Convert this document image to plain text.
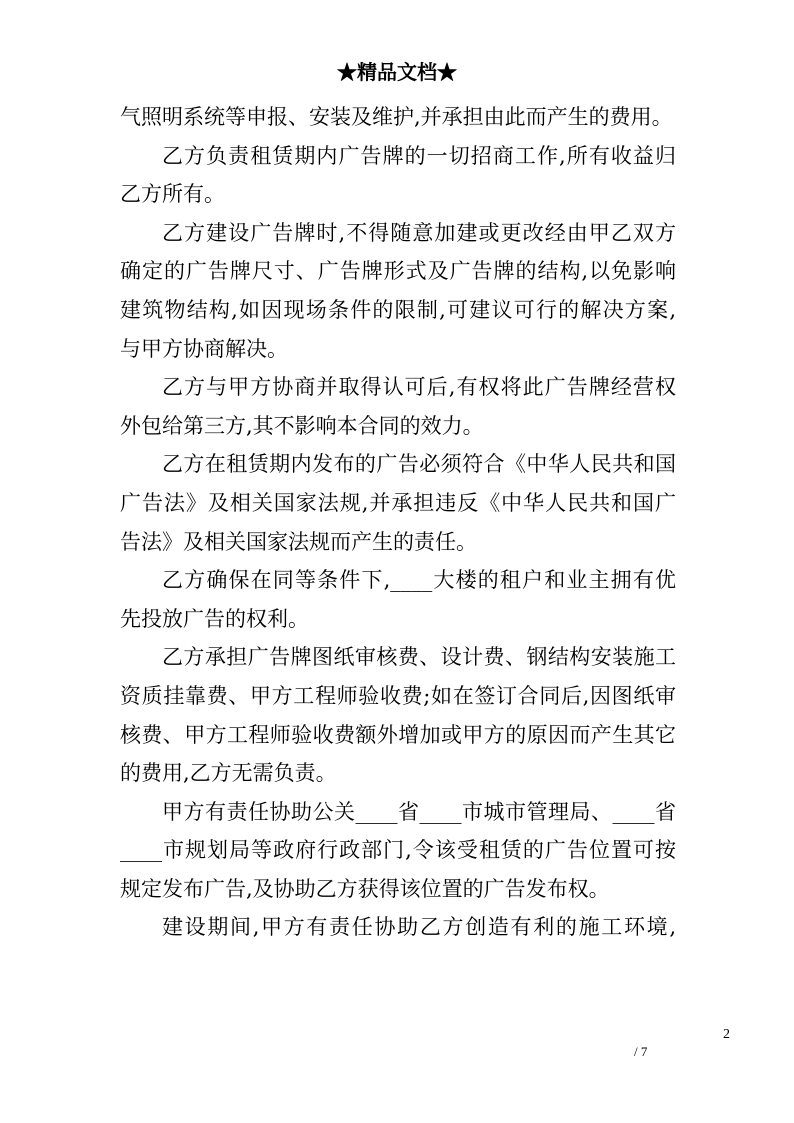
★精品文档★
气照明系统等申报、安装及维护,并承担由此而产生的费用。
乙方负责租赁期内广告牌的一切招商工作,所有收益归
乙方所有。
乙方建设广告牌时,不得随意加建或更改经由甲乙双方
确定的广告牌尺寸、广告牌形式及广告牌的结构,以免影响
建筑物结构,如因现场条件的限制,可建议可行的解决方案,
与甲方协商解决。
乙方与甲方协商并取得认可后,有权将此广告牌经营权
外包给第三方,其不影响本合同的效力。
乙方在租赁期内发布的广告必须符合《中华人民共和国
广告法》及相关国家法规,并承担违反《中华人民共和国广
告法》及相关国家法规而产生的责任。
乙方确保在同等条件下,____大楼的租户和业主拥有优
先投放广告的权利。
乙方承担广告牌图纸审核费、设计费、钢结构安装施工
资质挂靠费、甲方工程师验收费;如在签订合同后,因图纸审
核费、甲方工程师验收费额外增加或甲方的原因而产生其它
的费用,乙方无需负责。
甲方有责任协助公关____省____市城市管理局、____省
____市规划局等政府行政部门,令该受租赁的广告位置可按
规定发布广告,及协助乙方获得该位置的广告发布权。
建设期间,甲方有责任协助乙方创造有利的施工环境,
2
/ 7
